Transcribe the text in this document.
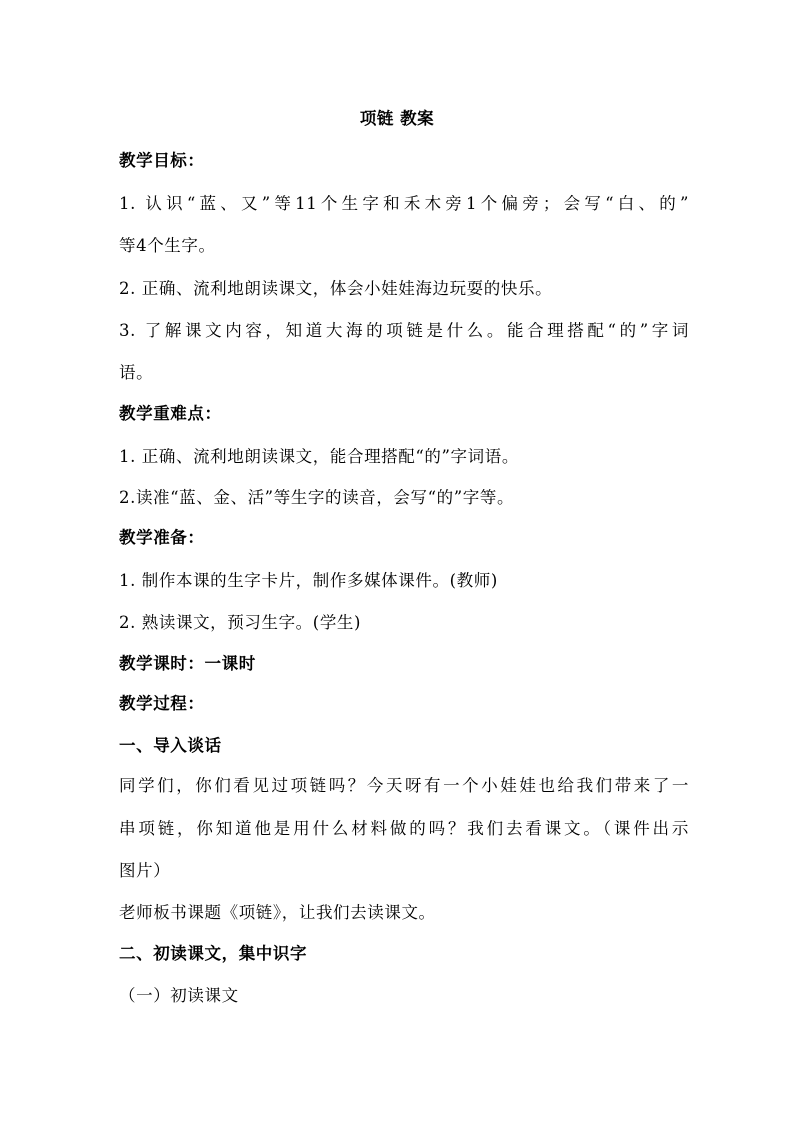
项链 教案
教学目标：
1. 认识“蓝、又”等11个生字和禾木旁1个偏旁；会写“白、的”
等4个生字。
2. 正确、流利地朗读课文，体会小娃娃海边玩耍的快乐。
3. 了解课文内容，知道大海的项链是什么。能合理搭配“的”字词
语。
教学重难点：
1. 正确、流利地朗读课文，能合理搭配“的”字词语。
2.读准“蓝、金、活”等生字的读音，会写“的”字等。
教学准备：
1. 制作本课的生字卡片，制作多媒体课件。(教师)
2. 熟读课文，预习生字。(学生)
教学课时：一课时
教学过程：
一、导入谈话
同学们，你们看见过项链吗？今天呀有一个小娃娃也给我们带来了一
串项链，你知道他是用什么材料做的吗？我们去看课文。（课件出示
图片）
老师板书课题《项链》，让我们去读课文。
二、初读课文，集中识字
（一）初读课文
